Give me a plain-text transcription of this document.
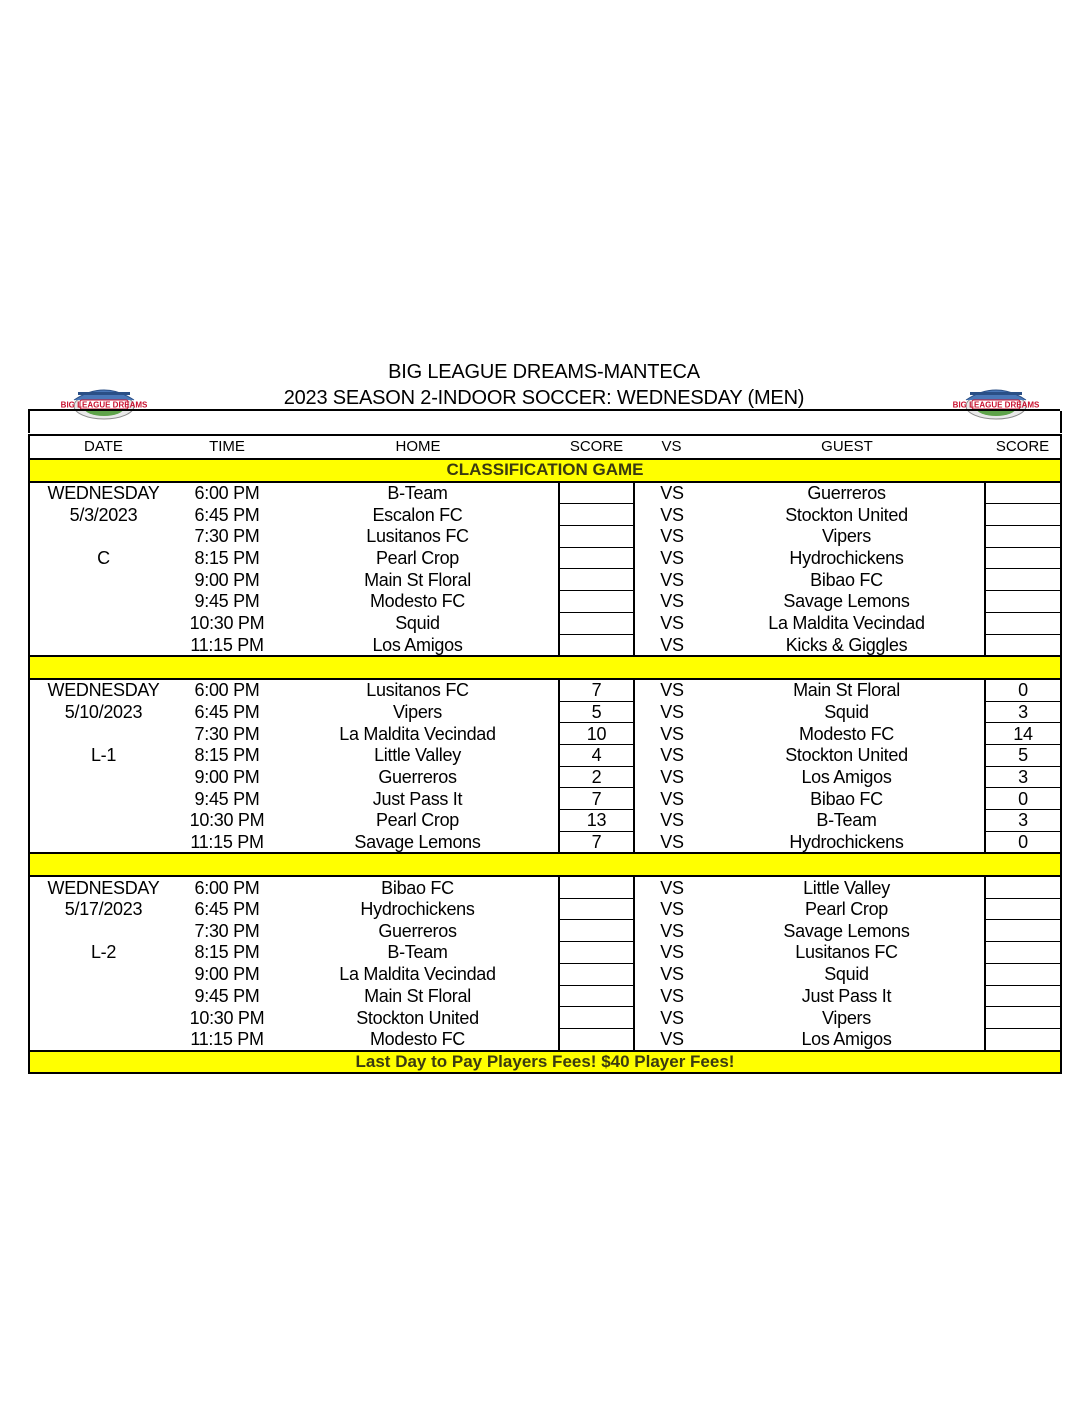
BIG LEAGUE DREAMS-MANTECA
2023 SEASON 2-INDOOR SOCCER: WEDNESDAY (MEN)
BIG LEAGUE DREAMS	BIG LEAGUE DREAMS
DATE	TIME	HOME	SCORE	VS	GUEST	SCORE
CLASSIFICATION GAME						
WEDNESDAY	6:00 PM	B-Team		VS	Guerreros	
5/3/2023	6:45 PM	Escalon FC		VS	Stockton United	
	7:30 PM	Lusitanos FC		VS	Vipers	
C	8:15 PM	Pearl Crop		VS	Hydrochickens	
	9:00 PM	Main St Floral		VS	Bibao FC	
	9:45 PM	Modesto FC		VS	Savage Lemons	
	10:30 PM	Squid		VS	La Maldita Vecindad	
	11:15 PM	Los Amigos		VS	Kicks & Giggles	

WEDNESDAY	6:00 PM	Lusitanos FC	7	VS	Main St Floral	0
5/10/2023	6:45 PM	Vipers	5	VS	Squid	3
	7:30 PM	La Maldita Vecindad	10	VS	Modesto FC	14
L-1	8:15 PM	Little Valley	4	VS	Stockton United	5
	9:00 PM	Guerreros	2	VS	Los Amigos	3
	9:45 PM	Just Pass It	7	VS	Bibao FC	0
	10:30 PM	Pearl Crop	13	VS	B-Team	3
	11:15 PM	Savage Lemons	7	VS	Hydrochickens	0

WEDNESDAY	6:00 PM	Bibao FC		VS	Little Valley	
5/17/2023	6:45 PM	Hydrochickens		VS	Pearl Crop	
	7:30 PM	Guerreros		VS	Savage Lemons	
L-2	8:15 PM	B-Team		VS	Lusitanos FC	
	9:00 PM	La Maldita Vecindad		VS	Squid	
	9:45 PM	Main St Floral		VS	Just Pass It	
	10:30 PM	Stockton United		VS	Vipers	
	11:15 PM	Modesto FC		VS	Los Amigos	
Last Day to Pay Players Fees! $40 Player Fees!						
